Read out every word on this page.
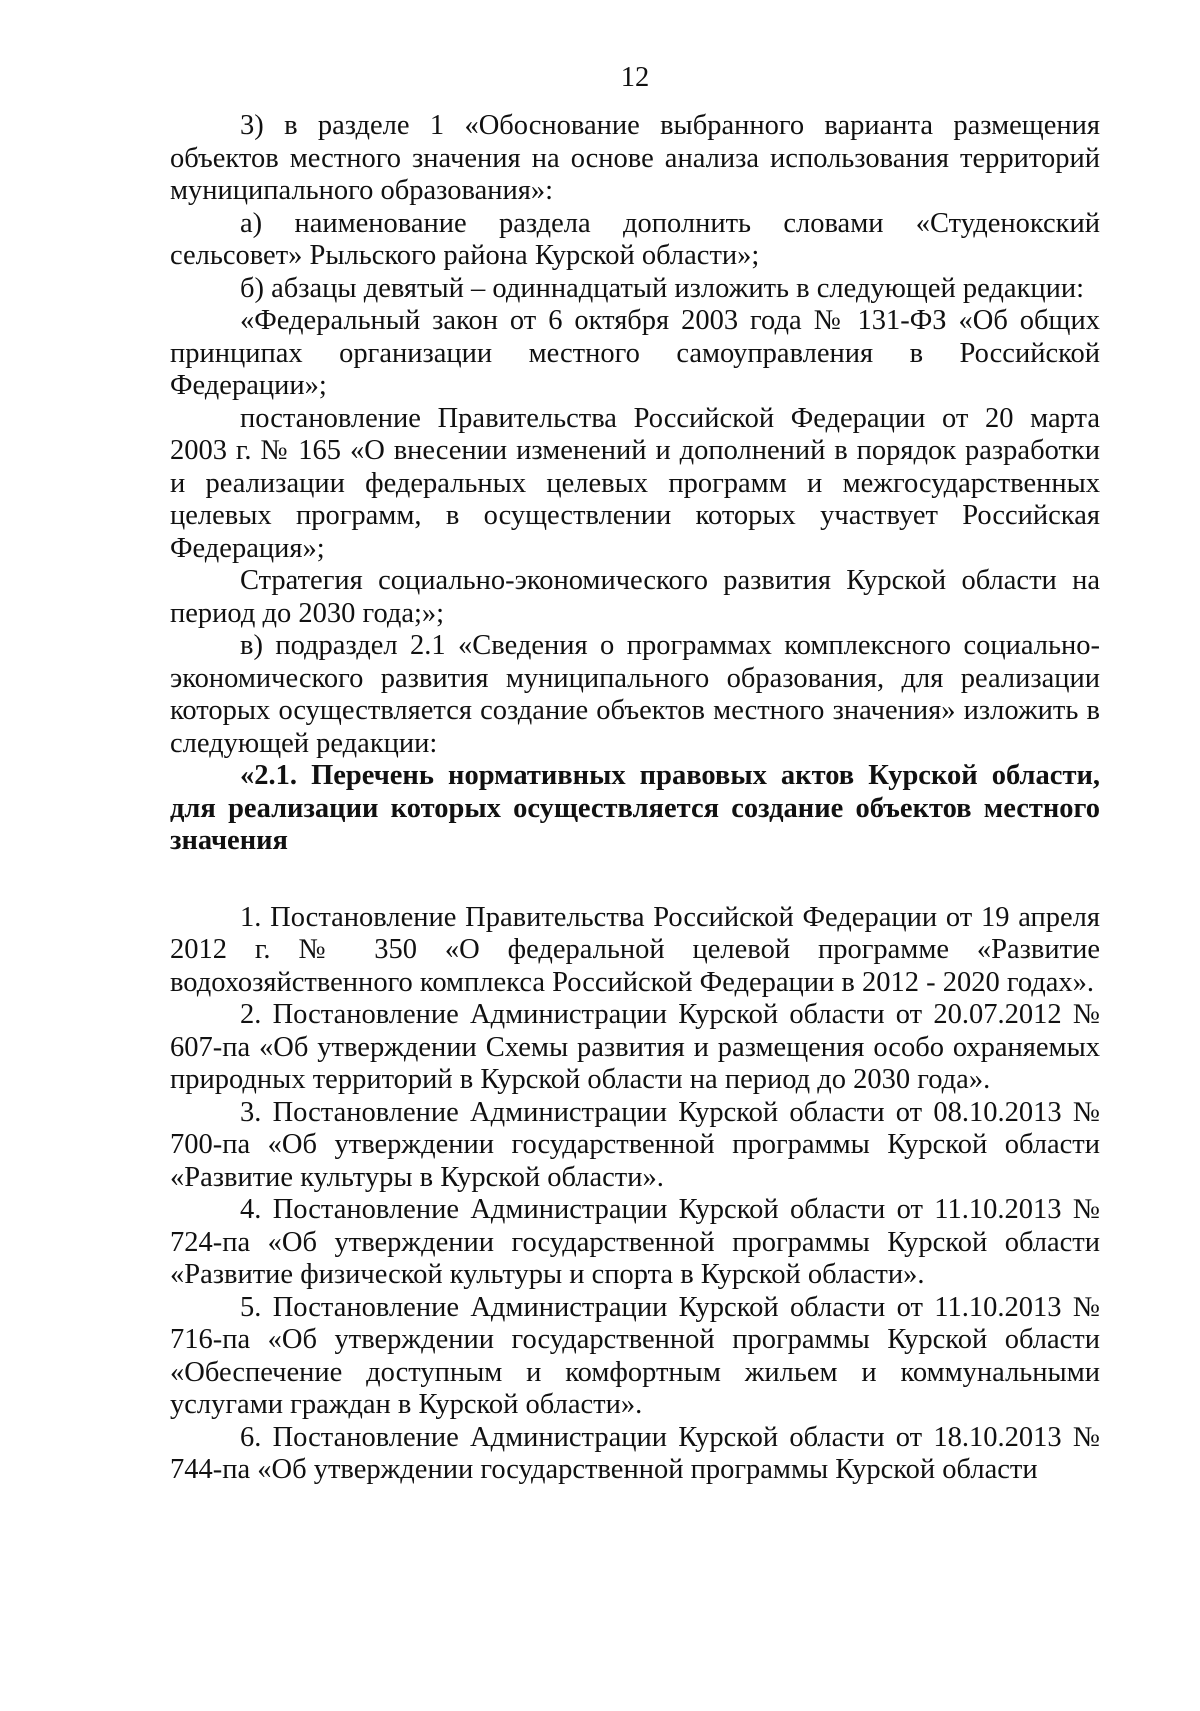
12

3) в разделе 1 «Обоснование выбранного варианта размещения объектов местного значения на основе анализа использования территорий муниципального образования»:

а) наименование раздела дополнить словами «Студенокский сельсовет» Рыльского района Курской области»;

б) абзацы девятый – одиннадцатый изложить в следующей редакции:

«Федеральный закон от 6 октября 2003 года № 131-ФЗ «Об общих принципах организации местного самоуправления в Российской Федерации»;

постановление Правительства Российской Федерации от 20 марта 2003 г. № 165 «О внесении изменений и дополнений в порядок разработки и реализации федеральных целевых программ и межгосударственных целевых программ, в осуществлении которых участвует Российская Федерация»;

Стратегия социально-экономического развития Курской области на период до 2030 года;»;

в) подраздел 2.1 «Сведения о программах комплексного социально-экономического развития муниципального образования, для реализации которых осуществляется создание объектов местного значения» изложить в следующей редакции:

«2.1. Перечень нормативных правовых актов Курской области, для реализации которых осуществляется создание объектов местного значения

1. Постановление Правительства Российской Федерации от 19 апреля 2012 г. № 350 «О федеральной целевой программе «Развитие водохозяйственного комплекса Российской Федерации в 2012 - 2020 годах».

2. Постановление Администрации Курской области от 20.07.2012 № 607-па «Об утверждении Схемы развития и размещения особо охраняемых природных территорий в Курской области на период до 2030 года».

3. Постановление Администрации Курской области от 08.10.2013 № 700-па «Об утверждении государственной программы Курской области «Развитие культуры в Курской области».

4. Постановление Администрации Курской области от 11.10.2013 № 724-па «Об утверждении государственной программы Курской области «Развитие физической культуры и спорта в Курской области».

5. Постановление Администрации Курской области от 11.10.2013 № 716-па «Об утверждении государственной программы Курской области «Обеспечение доступным и комфортным жильем и коммунальными услугами граждан в Курской области».

6. Постановление Администрации Курской области от 18.10.2013 № 744-па «Об утверждении государственной программы Курской области
